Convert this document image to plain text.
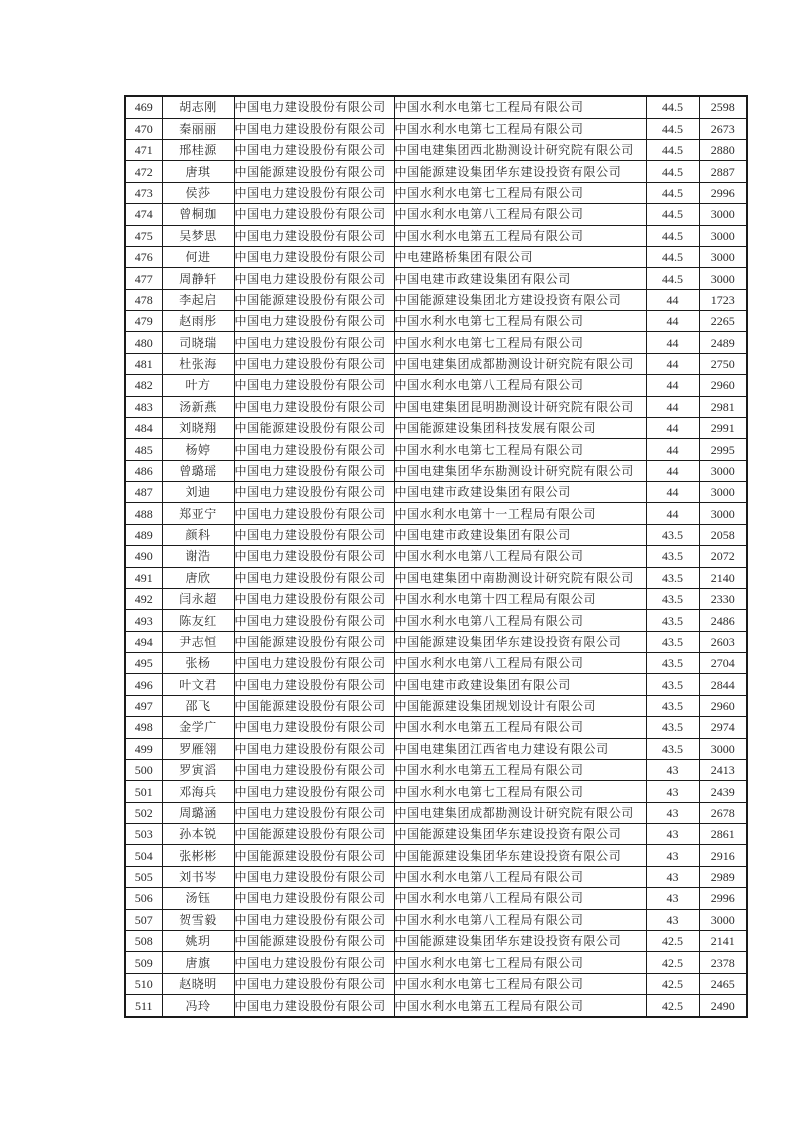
469	胡志刚	中国电力建设股份有限公司	中国水利水电第七工程局有限公司	44.5	2598
470	秦丽丽	中国电力建设股份有限公司	中国水利水电第七工程局有限公司	44.5	2673
471	邢桂源	中国电力建设股份有限公司	中国电建集团西北勘测设计研究院有限公司	44.5	2880
472	唐琪	中国能源建设股份有限公司	中国能源建设集团华东建设投资有限公司	44.5	2887
473	侯莎	中国电力建设股份有限公司	中国水利水电第七工程局有限公司	44.5	2996
474	曾桐珈	中国电力建设股份有限公司	中国水利水电第八工程局有限公司	44.5	3000
475	吴梦思	中国电力建设股份有限公司	中国水利水电第五工程局有限公司	44.5	3000
476	何进	中国电力建设股份有限公司	中电建路桥集团有限公司	44.5	3000
477	周静轩	中国电力建设股份有限公司	中国电建市政建设集团有限公司	44.5	3000
478	李起启	中国能源建设股份有限公司	中国能源建设集团北方建设投资有限公司	44	1723
479	赵雨彤	中国电力建设股份有限公司	中国水利水电第七工程局有限公司	44	2265
480	司晓瑞	中国电力建设股份有限公司	中国水利水电第七工程局有限公司	44	2489
481	杜张海	中国电力建设股份有限公司	中国电建集团成都勘测设计研究院有限公司	44	2750
482	叶方	中国电力建设股份有限公司	中国水利水电第八工程局有限公司	44	2960
483	汤新燕	中国电力建设股份有限公司	中国电建集团昆明勘测设计研究院有限公司	44	2981
484	刘晓翔	中国能源建设股份有限公司	中国能源建设集团科技发展有限公司	44	2991
485	杨婷	中国电力建设股份有限公司	中国水利水电第七工程局有限公司	44	2995
486	曾璐瑶	中国电力建设股份有限公司	中国电建集团华东勘测设计研究院有限公司	44	3000
487	刘迪	中国电力建设股份有限公司	中国电建市政建设集团有限公司	44	3000
488	郑亚宁	中国电力建设股份有限公司	中国水利水电第十一工程局有限公司	44	3000
489	颜科	中国电力建设股份有限公司	中国电建市政建设集团有限公司	43.5	2058
490	谢浩	中国电力建设股份有限公司	中国水利水电第八工程局有限公司	43.5	2072
491	唐欣	中国电力建设股份有限公司	中国电建集团中南勘测设计研究院有限公司	43.5	2140
492	闫永超	中国电力建设股份有限公司	中国水利水电第十四工程局有限公司	43.5	2330
493	陈友红	中国电力建设股份有限公司	中国水利水电第八工程局有限公司	43.5	2486
494	尹志恒	中国能源建设股份有限公司	中国能源建设集团华东建设投资有限公司	43.5	2603
495	张杨	中国电力建设股份有限公司	中国水利水电第八工程局有限公司	43.5	2704
496	叶文君	中国电力建设股份有限公司	中国电建市政建设集团有限公司	43.5	2844
497	邵飞	中国能源建设股份有限公司	中国能源建设集团规划设计有限公司	43.5	2960
498	金学广	中国电力建设股份有限公司	中国水利水电第五工程局有限公司	43.5	2974
499	罗雁翎	中国电力建设股份有限公司	中国电建集团江西省电力建设有限公司	43.5	3000
500	罗寅滔	中国电力建设股份有限公司	中国水利水电第五工程局有限公司	43	2413
501	邓海兵	中国电力建设股份有限公司	中国水利水电第七工程局有限公司	43	2439
502	周璐涵	中国电力建设股份有限公司	中国电建集团成都勘测设计研究院有限公司	43	2678
503	孙本锐	中国能源建设股份有限公司	中国能源建设集团华东建设投资有限公司	43	2861
504	张彬彬	中国能源建设股份有限公司	中国能源建设集团华东建设投资有限公司	43	2916
505	刘书岑	中国电力建设股份有限公司	中国水利水电第八工程局有限公司	43	2989
506	汤钰	中国电力建设股份有限公司	中国水利水电第八工程局有限公司	43	2996
507	贺雪毅	中国电力建设股份有限公司	中国水利水电第八工程局有限公司	43	3000
508	姚玥	中国能源建设股份有限公司	中国能源建设集团华东建设投资有限公司	42.5	2141
509	唐旗	中国电力建设股份有限公司	中国水利水电第七工程局有限公司	42.5	2378
510	赵晓明	中国电力建设股份有限公司	中国水利水电第七工程局有限公司	42.5	2465
511	冯玲	中国电力建设股份有限公司	中国水利水电第五工程局有限公司	42.5	2490
